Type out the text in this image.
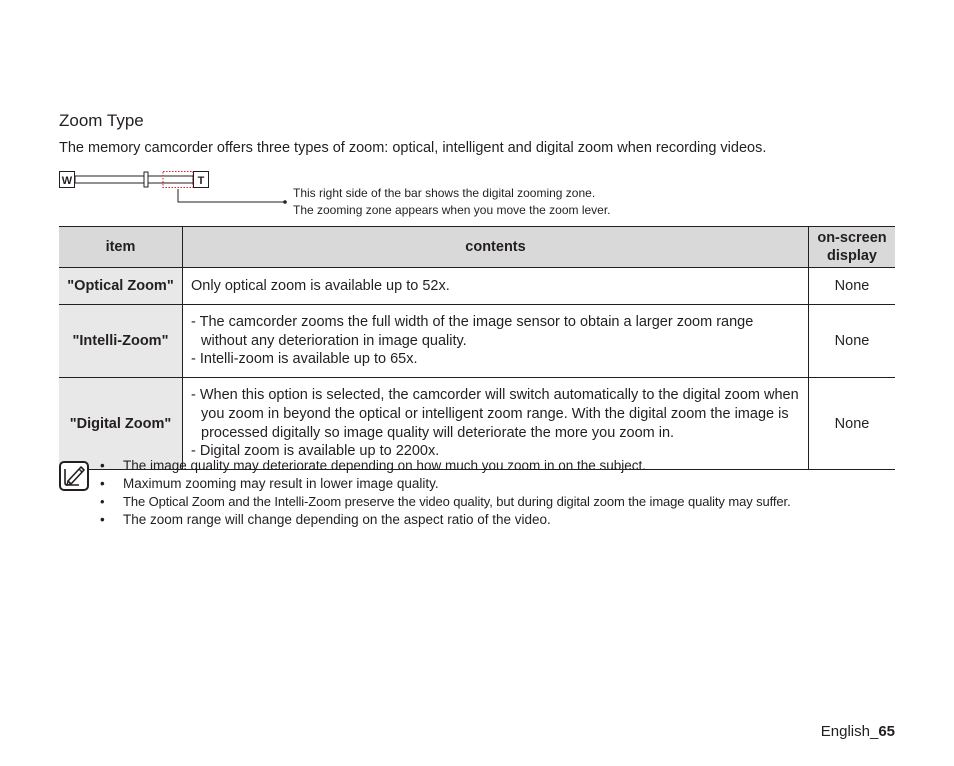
Zoom Type

The memory camcorder offers three types of zoom: optical, intelligent and digital zoom when recording videos.

W	T
This right side of the bar shows the digital zooming zone.
The zooming zone appears when you move the zoom lever.
item	contents	on-screen
display

"Optical Zoom"	Only optical zoom is available up to 52x.	None
"Intelli-Zoom"	- The camcorder zooms the full width of the image sensor to obtain a larger zoom range without any deterioration in image quality.
- Intelli-zoom is available up to 65x.	None
"Digital Zoom"	- When this option is selected, the camcorder will switch automatically to the digital zoom when you zoom in beyond the optical or intelligent zoom range. With the digital zoom the image is processed digitally so image quality will deteriorate the more you zoom in.
- Digital zoom is available up to 2200x.	None
• The image quality may deteriorate depending on how much you zoom in on the subject.
• Maximum zooming may result in lower image quality.
• The Optical Zoom and the Intelli-Zoom preserve the video quality, but during digital zoom the image quality may suffer.
• The zoom range will change depending on the aspect ratio of the video.
English_65
